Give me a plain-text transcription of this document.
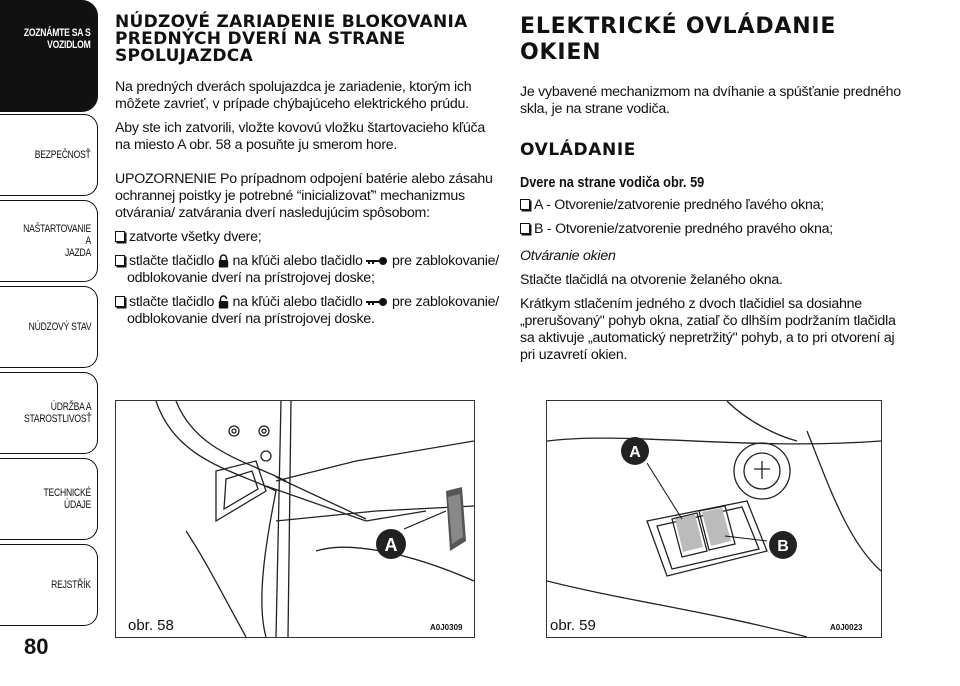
ZOZNÁMTE SA S
VOZIDLOM
BEZPEČNOSŤ
NAŠTARTOVANIE A
JAZDA
NÚDZOVÝ STAV
ÚDRŽBA A
STAROSTLIVOSŤ
TECHNICKÉ ÚDAJE
REJSTŘÍK
80
NÚDZOVÉ ZARIADENIE BLOKOVANIA PREDNÝCH DVERÍ NA STRANE SPOLUJAZDCA

Na predných dverách spolujazdca je zariadenie, ktorým ich môžete zavrieť, v prípade chýbajúceho elektrického prúdu.

Aby ste ich zatvorili, vložte kovovú vložku štartovacieho kľúča na miesto A obr. 58 a posuňte ju smerom hore.

UPOZORNENIE Po prípadnom odpojení batérie alebo zásahu ochrannej poistky je potrebné “inicializovať” mechanizmus otvárania/ zatvárania dverí nasledujúcim spôsobom:

zatvorte všetky dvere;
stlačte tlačidlo na kľúči alebo tlačidlo pre zablokovanie/ odblokovanie dverí na prístrojovej doske;
stlačte tlačidlo na kľúči alebo tlačidlo pre zablokovanie/ odblokovanie dverí na prístrojovej doske.
ELEKTRICKÉ OVLÁDANIE OKIEN

Je vybavené mechanizmom na dvíhanie a spúšťanie predného skla, je na strane vodiča.

OVLÁDANIE
Dvere na strane vodiča obr. 59
A - Otvorenie/zatvorenie predného ľavého okna;
B - Otvorenie/zatvorenie predného pravého okna;

Otváranie okien

Stlačte tlačidlá na otvorenie želaného okna.

Krátkym stlačením jedného z dvoch tlačidiel sa dosiahne „prerušovaný" pohyb okna, zatiaľ čo dlhším podržaním tlačidla sa aktivuje „automatický nepretržitý" pohyb, a to pri otvorení aj pri uzavretí okien.

A
obr. 58	A0J0309
A
B
obr. 59	A0J0023
